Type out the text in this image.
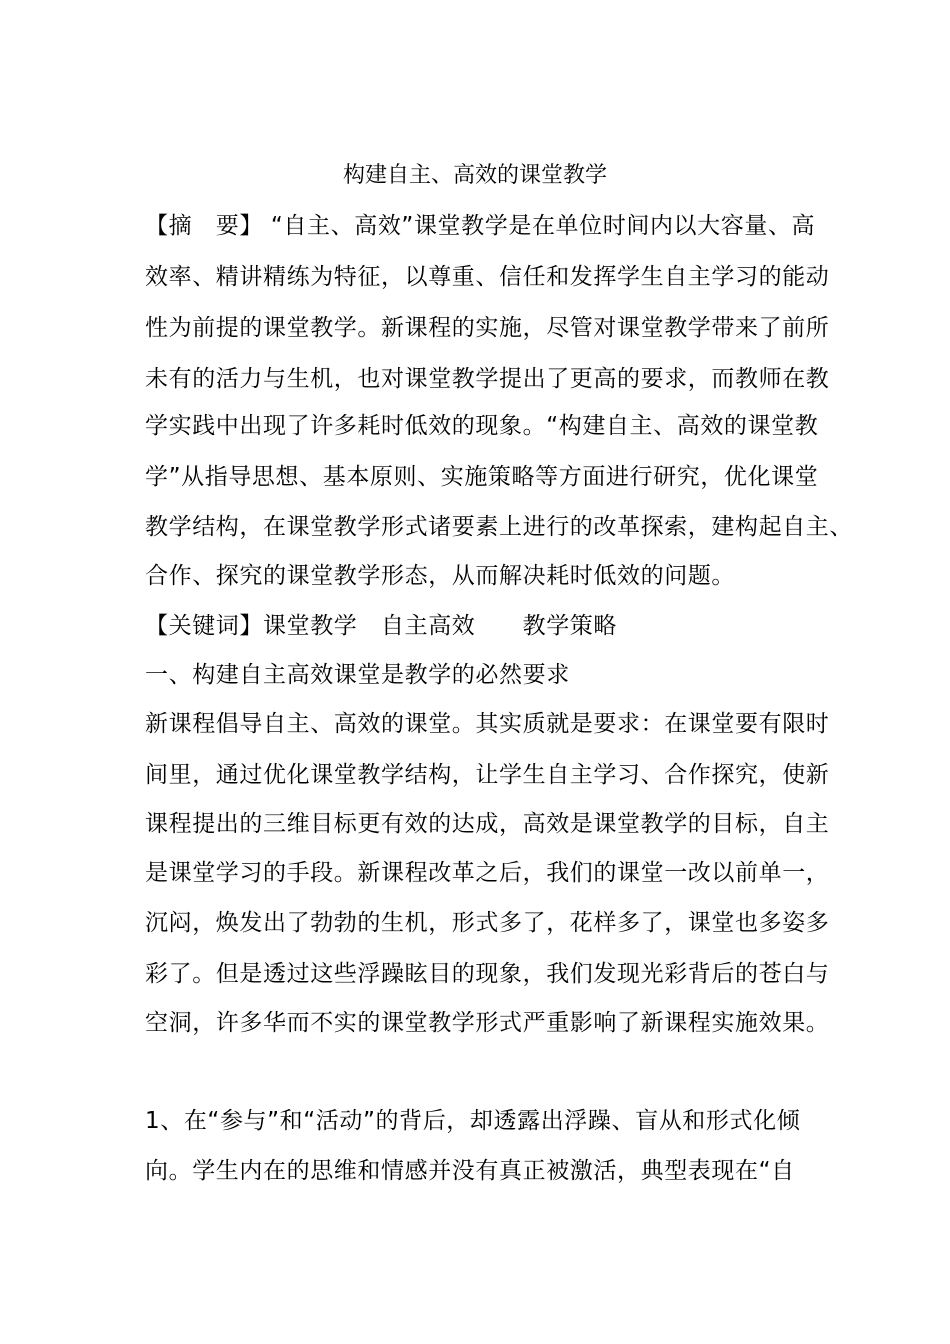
构建自主、高效的课堂教学
【摘　要】 “自主、高效”课堂教学是在单位时间内以大容量、高
效率、精讲精练为特征，以尊重、信任和发挥学生自主学习的能动
性为前提的课堂教学。新课程的实施，尽管对课堂教学带来了前所
未有的活力与生机，也对课堂教学提出了更高的要求，而教师在教
学实践中出现了许多耗时低效的现象。“构建自主、高效的课堂教
学”从指导思想、基本原则、实施策略等方面进行研究，优化课堂
教学结构，在课堂教学形式诸要素上进行的改革探索，建构起自主、
合作、探究的课堂教学形态，从而解决耗时低效的问题。
【关键词】课堂教学　自主高效　　教学策略
一、构建自主高效课堂是教学的必然要求
新课程倡导自主、高效的课堂。其实质就是要求：在课堂要有限时
间里，通过优化课堂教学结构，让学生自主学习、合作探究，使新
课程提出的三维目标更有效的达成，高效是课堂教学的目标，自主
是课堂学习的手段。新课程改革之后，我们的课堂一改以前单一，
沉闷，焕发出了勃勃的生机，形式多了，花样多了，课堂也多姿多
彩了。但是透过这些浮躁眩目的现象，我们发现光彩背后的苍白与
空洞，许多华而不实的课堂教学形式严重影响了新课程实施效果。
1、在“参与”和“活动”的背后，却透露出浮躁、盲从和形式化倾
向。学生内在的思维和情感并没有真正被激活，典型表现在“自
